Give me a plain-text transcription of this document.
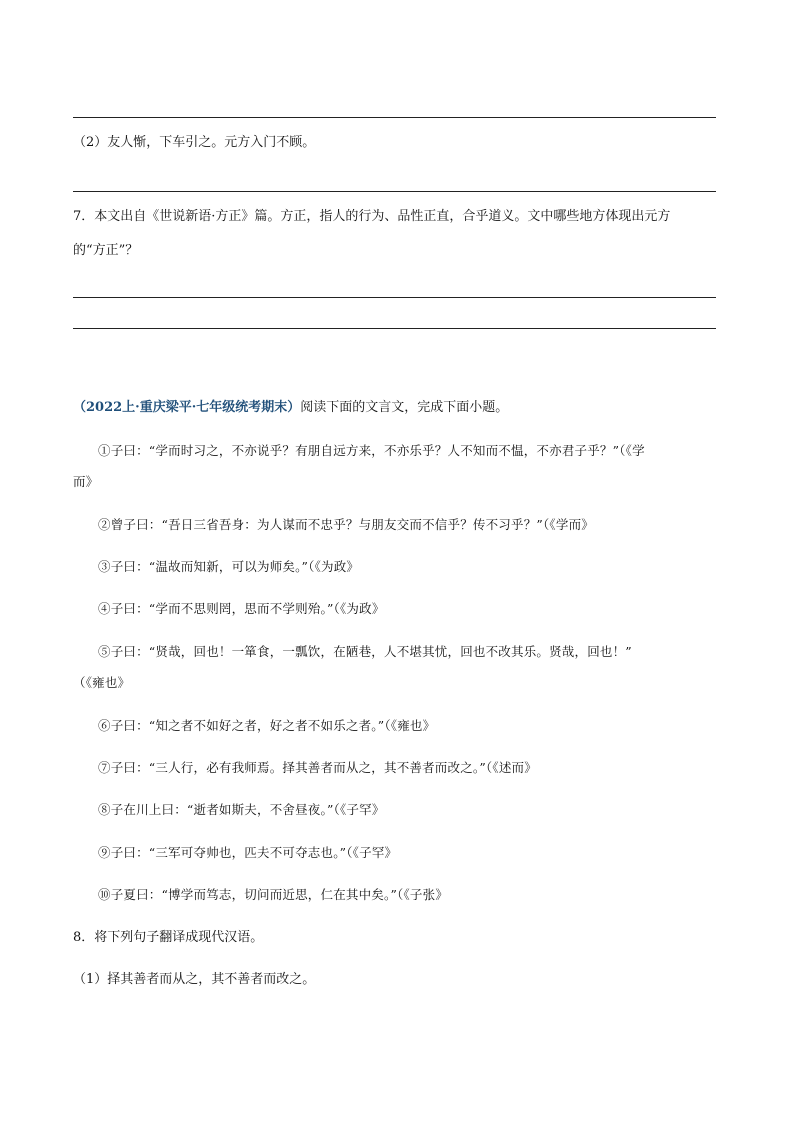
（2）友人惭，下车引之。元方入门不顾。
7．本文出自《世说新语·方正》篇。方正，指人的行为、品性正直，合乎道义。文中哪些地方体现出元方
的“方正”？
（2022上·重庆梁平·七年级统考期末）阅读下面的文言文，完成下面小题。
①子曰：“学而时习之，不亦说乎？有朋自远方来，不亦乐乎？人不知而不愠，不亦君子乎？”（《学
而》
②曾子曰：“吾日三省吾身：为人谋而不忠乎？与朋友交而不信乎？传不习乎？”（《学而》
③子曰：“温故而知新，可以为师矣。”（《为政》
④子曰：“学而不思则罔，思而不学则殆。”（《为政》
⑤子曰：“贤哉，回也！一箪食，一瓢饮，在陋巷，人不堪其忧，回也不改其乐。贤哉，回也！”
（《雍也》
⑥子曰：“知之者不如好之者，好之者不如乐之者。”（《雍也》
⑦子曰：“三人行，必有我师焉。择其善者而从之，其不善者而改之。”（《述而》
⑧子在川上曰：“逝者如斯夫，不舍昼夜。”（《子罕》
⑨子曰：“三军可夺帅也，匹夫不可夺志也。”（《子罕》
⑩子夏曰：“博学而笃志，切问而近思，仁在其中矣。”（《子张》
8．将下列句子翻译成现代汉语。
（1）择其善者而从之，其不善者而改之。
